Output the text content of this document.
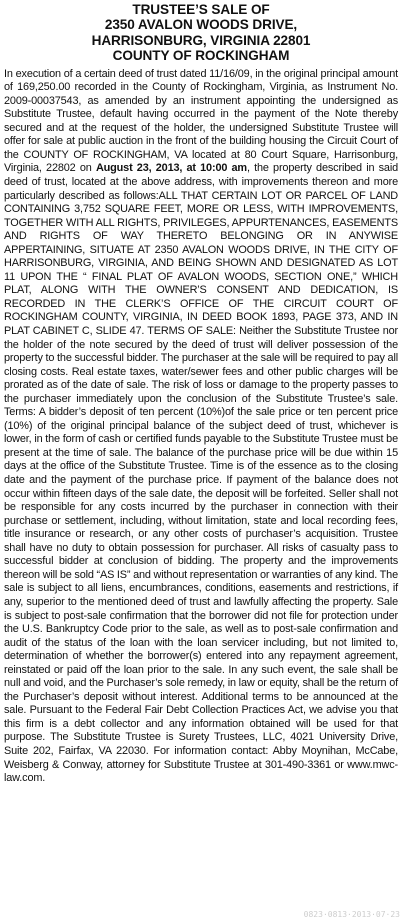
TRUSTEE’S SALE OF
2350 AVALON WOODS DRIVE,
HARRISONBURG, VIRGINIA 22801
COUNTY OF ROCKINGHAM

In execution of a certain deed of trust dated 11/16/09, in the original principal amount of 169,250.00 recorded in the County of Rockingham, Virginia, as Instrument No. 2009-00037543, as amended by an instrument appointing the undersigned as Substitute Trustee, default having occurred in the payment of the Note thereby secured and at the request of the holder, the undersigned Substitute Trustee will offer for sale at public auction in the front of the building housing the Circuit Court of the COUNTY OF ROCKINGHAM, VA located at 80 Court Square, Harrisonburg, Virginia, 22802 on August 23, 2013, at 10:00 am, the property described in said deed of trust, located at the above address, with improvements thereon and more particularly described as follows:ALL THAT CERTAIN LOT OR PARCEL OF LAND CONTAINING 3,752 SQUARE FEET, MORE OR LESS, WITH IMPROVEMENTS, TOGETHER WITH ALL RIGHTS, PRIVILEGES, APPURTENANCES, EASEMENTS AND RIGHTS OF WAY THERETO BELONGING OR IN ANYWISE APPERTAINING, SITUATE AT 2350 AVALON WOODS DRIVE, IN THE CITY OF HARRISONBURG, VIRGINIA, AND BEING SHOWN AND DESIGNATED AS LOT 11 UPON THE “ FINAL PLAT OF AVALON WOODS, SECTION ONE,” WHICH PLAT, ALONG WITH THE OWNER’S CONSENT AND DEDICATION, IS RECORDED IN THE CLERK’S OFFICE OF THE CIRCUIT COURT OF ROCKINGHAM COUNTY, VIRGINIA, IN DEED BOOK 1893, PAGE 373, AND IN PLAT CABINET C, SLIDE 47. TERMS OF SALE: Neither the Substitute Trustee nor the holder of the note secured by the deed of trust will deliver possession of the property to the successful bidder. The purchaser at the sale will be required to pay all closing costs. Real estate taxes, water/sewer fees and other public charges will be prorated as of the date of sale. The risk of loss or damage to the property passes to the purchaser immediately upon the conclusion of the Substitute Trustee’s sale. Terms: A bidder’s deposit of ten percent (10%)of the sale price or ten percent price (10%) of the original principal balance of the subject deed of trust, whichever is lower, in the form of cash or certified funds payable to the Substitute Trustee must be present at the time of sale. The balance of the purchase price will be due within 15 days at the office of the Substitute Trustee. Time is of the essence as to the closing date and the payment of the purchase price. If payment of the balance does not occur within fifteen days of the sale date, the deposit will be forfeited. Seller shall not be responsible for any costs incurred by the purchaser in connection with their purchase or settlement, including, without limitation, state and local recording fees, title insurance or research, or any other costs of purchaser’s acquisition. Trustee shall have no duty to obtain possession for purchaser. All risks of casualty pass to successful bidder at conclusion of bidding. The property and the improvements thereon will be sold “AS IS” and without representation or warranties of any kind. The sale is subject to all liens, encumbrances, conditions, easements and restrictions, if any, superior to the mentioned deed of trust and lawfully affecting the property. Sale is subject to post-sale confirmation that the borrower did not file for protection under the U.S. Bankruptcy Code prior to the sale, as well as to post-sale confirmation and audit of the status of the loan with the loan servicer including, but not limited to, determination of whether the borrower(s) entered into any repayment agreement, reinstated or paid off the loan prior to the sale. In any such event, the sale shall be null and void, and the Purchaser’s sole remedy, in law or equity, shall be the return of the Purchaser’s deposit without interest. Additional terms to be announced at the sale. Pursuant to the Federal Fair Debt Collection Practices Act, we advise you that this firm is a debt collector and any information obtained will be used for that purpose. The Substitute Trustee is Surety Trustees, LLC, 4021 University Drive, Suite 202, Fairfax, VA 22030. For information contact: Abby Moynihan, McCabe, Weisberg & Conway, attorney for Substitute Trustee at 301-490-3361 or www.mwc-law.com.

0823·0813·2013·07·23
